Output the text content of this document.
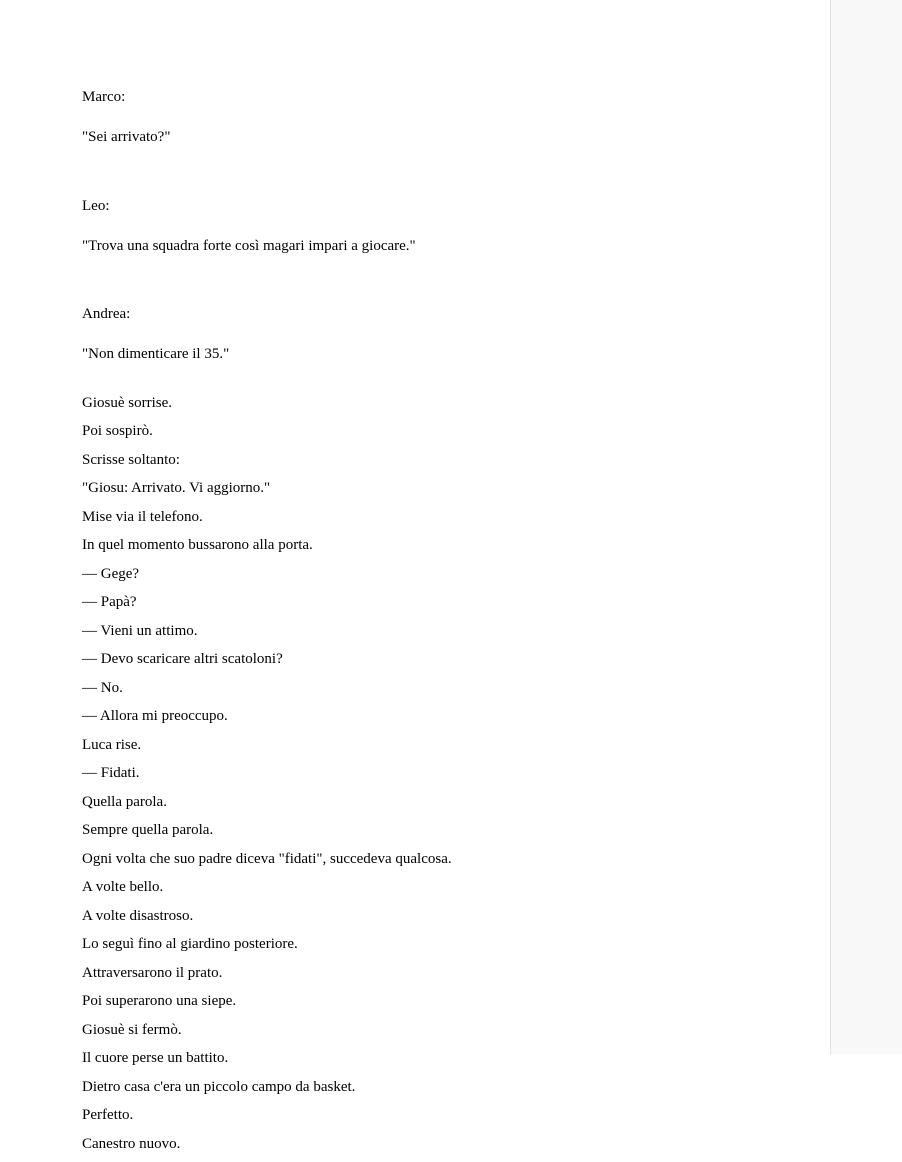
Marco:

"Sei arrivato?"

Leo:

"Trova una squadra forte così magari impari a giocare."

Andrea:

"Non dimenticare il 35."

Giosuè sorrise.

Poi sospirò.

Scrisse soltanto:

"Giosu: Arrivato. Vi aggiorno."

Mise via il telefono.

In quel momento bussarono alla porta.

— Gege?

— Papà?

— Vieni un attimo.

— Devo scaricare altri scatoloni?

— No.

— Allora mi preoccupo.

Luca rise.

— Fidati.

Quella parola.

Sempre quella parola.

Ogni volta che suo padre diceva "fidati", succedeva qualcosa.

A volte bello.

A volte disastroso.

Lo seguì fino al giardino posteriore.

Attraversarono il prato.

Poi superarono una siepe.

Giosuè si fermò.

Il cuore perse un battito.

Dietro casa c'era un piccolo campo da basket.

Perfetto.

Canestro nuovo.
